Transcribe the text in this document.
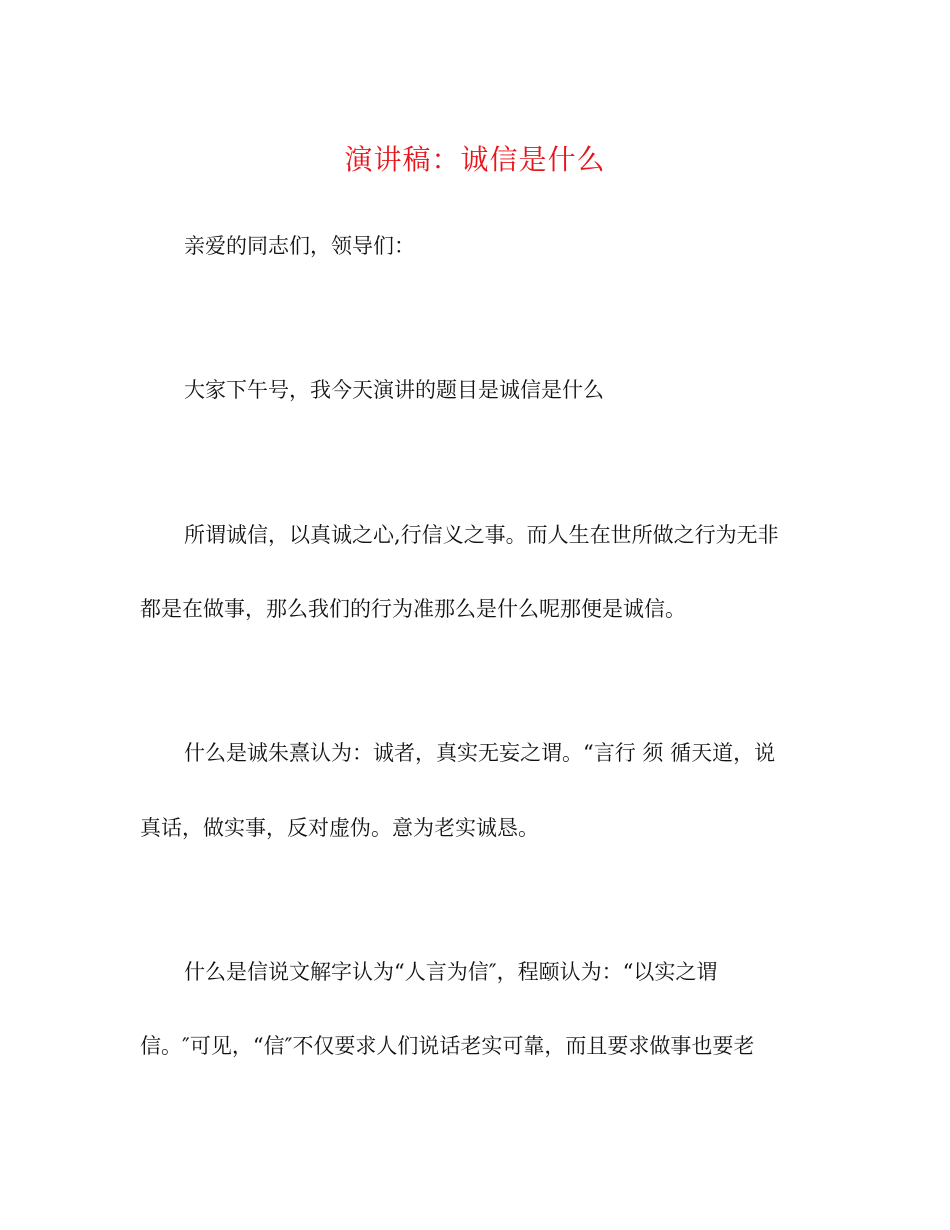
演讲稿：诚信是什么
亲爱的同志们，领导们：
大家下午号，我今天演讲的题目是诚信是什么
所谓诚信，以真诚之心,行信义之事。而人生在世所做之行为无非
都是在做事，那么我们的行为准那么是什么呢那便是诚信。
什么是诚朱熹认为：诚者，真实无妄之谓。“言行 须 循天道，说
真话，做实事，反对虚伪。意为老实诚恳。
什么是信说文解字认为“人言为信″，程颐认为：“以实之谓
信。″可见，“信″不仅要求人们说话老实可靠，而且要求做事也要老
